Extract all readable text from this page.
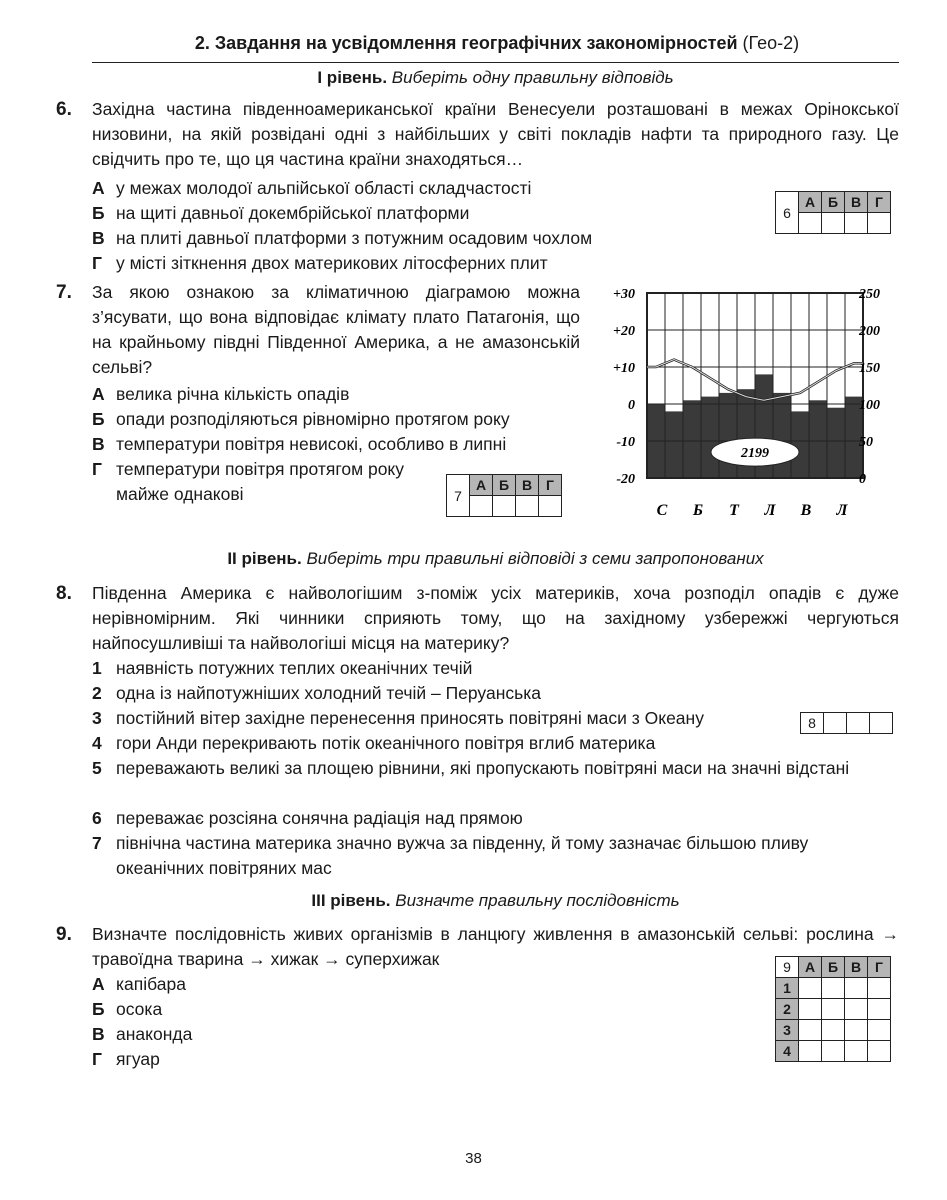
2. Завдання на усвідомлення географічних закономірностей (Гео-2)
І рівень. Виберіть одну правильну відповідь
6. Західна частина південноамериканської країни Венесуели розташовані в межах Орінокської низовини, на якій розвідані одні з найбільших у світі покладів нафти та природного газу. Це свідчить про те, що ця частина країни знаходяться…
А у межах молодої альпійської області складчастості
Б на щиті давньої докембрійської платформи
В на плиті давньої платформи з потужним осадовим чохлом
Г у місті зіткнення двох материкових літосферних плит
6	А	Б	В	Г

7. За якою ознакою за кліматичною діаграмою можна з’ясувати, що вона відповідає клімату плато Патагонія, що на крайньому півдні Південної Америка, а не амазонській сельві?
А велика річна кількість опадів
Б опади розподіляються рівномірно протягом року
В температури повітря невисокі, особливо в липні
Г температури повітря протягом року майже однакові	7	А	Б	В	Г

2199
+30
+20
+10
0
-10
-20
250
200
150
100
50
0
С Б Т Л В Л
ІІ рівень. Виберіть три правильні відповіді з семи запропонованих
8. Південна Америка є найвологішим з-поміж усіх материків, хоча розподіл опадів є дуже нерівномірним. Які чинники сприяють тому, що на західному узбережжі чергуються найпосушливіші та найвологіші місця на материку?
1 наявність потужних теплих океанічних течій
2 одна із найпотужніших холодний течій – Перуанська
3 постійний вітер західне перенесення приносять повітряні маси з Океану
4 гори Анди перекривають потік океанічного повітря вглиб материка
5 переважають великі за площею рівнини, які пропускають повітряні маси на значні відстані
6 переважає розсіяна сонячна радіація над прямою
7 північна частина материка значно вужча за південну, й тому зазначає більшою пливу океанічних повітряних мас
8			
ІІІ рівень. Визначте правильну послідовність
9. Визначте послідовність живих організмів в ланцюгу живлення в амазонській сельві: рослина → травоїдна тварина → хижак → суперхижак
А капібара
Б осока
В анаконда
Г ягуар
9	А	Б	В	Г
1				
2				
3				
4				
38
